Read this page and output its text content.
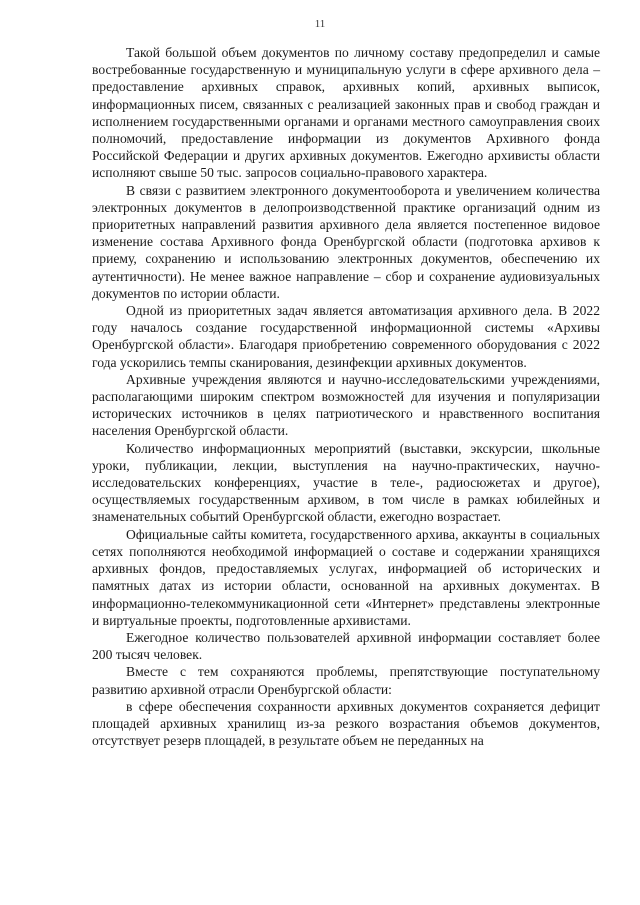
11

Такой большой объем документов по личному составу предопределил и самые востребованные государственную и муниципальную услуги в сфере архивного дела – предоставление архивных справок, архивных копий, архивных выписок, информационных писем, связанных с реализацией законных прав и свобод граждан и исполнением государственными органами и органами местного самоуправления своих полномочий, предоставление информации из документов Архивного фонда Российской Федерации и других архивных документов. Ежегодно архивисты области исполняют свыше 50 тыс. запросов социально-правового характера.

В связи с развитием электронного документооборота и увеличением количества электронных документов в делопроизводственной практике организаций одним из приоритетных направлений развития архивного дела является постепенное видовое изменение состава Архивного фонда Оренбургской области (подготовка архивов к приему, сохранению и использованию электронных документов, обеспечению их аутентичности). Не менее важное направление – сбор и сохранение аудиовизуальных документов по истории области.

Одной из приоритетных задач является автоматизация архивного дела. В 2022 году началось создание государственной информационной системы «Архивы Оренбургской области». Благодаря приобретению современного оборудования с 2022 года ускорились темпы сканирования, дезинфекции архивных документов.

Архивные учреждения являются и научно-исследовательскими учреждениями, располагающими широким спектром возможностей для изучения и популяризации исторических источников в целях патриотического и нравственного воспитания населения Оренбургской области.

Количество информационных мероприятий (выставки, экскурсии, школьные уроки, публикации, лекции, выступления на научно-практических, научно-исследовательских конференциях, участие в теле-, радиосюжетах и другое), осуществляемых государственным архивом, в том числе в рамках юбилейных и знаменательных событий Оренбургской области, ежегодно возрастает.

Официальные сайты комитета, государственного архива, аккаунты в социальных сетях пополняются необходимой информацией о составе и содержании хранящихся архивных фондов, предоставляемых услугах, информацией об исторических и памятных датах из истории области, основанной на архивных документах. В информационно-телекоммуникационной сети «Интернет» представлены электронные и виртуальные проекты, подготовленные архивистами.

Ежегодное количество пользователей архивной информации составляет более 200 тысяч человек.

Вместе с тем сохраняются проблемы, препятствующие поступательному развитию архивной отрасли Оренбургской области:

в сфере обеспечения сохранности архивных документов сохраняется дефицит площадей архивных хранилищ из-за резкого возрастания объемов документов, отсутствует резерв площадей, в результате объем не переданных на
